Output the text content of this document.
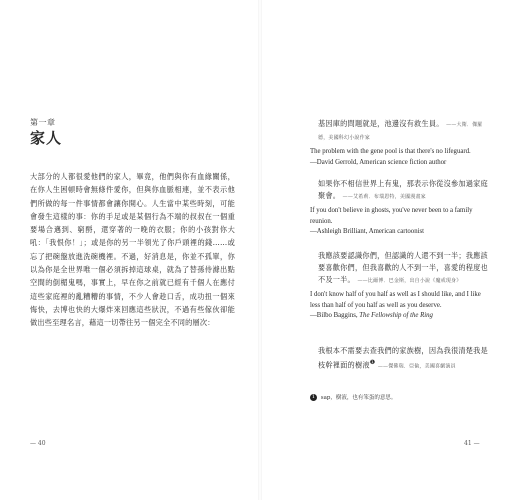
第一章
家人
大部分的人都很愛他們的家人，畢竟，他們與你有血緣關係，在你人生困頓時會無條件愛你，但與你血脈相連，並不表示他們所做的每一件事情都會讓你開心。人生當中某些時刻，可能會發生這樣的事：你的手足或是某個行為不端的叔叔在一個重要場合邁到、窮酹，還穿著的一晚的衣服；你的小孩對你大吼：「我恨你！」；或是你的另一半領光了你戶頭裡的錢……或忘了把碗盤放進洗碗機裡。不過，好消息是，你並不孤單，你以為你是全世界唯一個必須拆掉這球桌，就為了替孫侍滌出點空間的倒楣鬼嗎，事實上，早在你之前就已經有千個人在應付這些家庭裡的亂糟糟的事情，不少人會趁口舌，成功扭一個來悔快，去博也快的大爆炸來回應這些狀況，不過有些傢伙卻能做出些至理名言，藉這一切帶往另一個完全不同的層次：
— 40
基因庫的問題就是，池邊沒有救生員。 ——大衛．傑羅德，美國科幻小說作家
The problem with the gene pool is that there's no lifeguard.
—David Gerrold, American science fiction author
如果你不相信世界上有鬼，那表示你從沒參加過家庭聚會。 ——艾希莉．布瑞恩特，美國漫畫家
If you don't believe in ghosts, you've never been to a family reunion.
—Ashleigh Brilliant, American cartoonist
我應該要認識你們，但認識的人還不到一半；我應該要喜歡你們，但我喜歡的人不到一半，喜愛的程度也不及一半。 ——比爾博．巴金斯，出自小說《魔戒現身》
I don't know half of you half as well as I should like, and I like less than half of you half as well as you deserve.
—Bilbo Baggins, The Fellowship of the Ring
我根本不需要去查我們的家族樹，因為我很清楚我是枝幹裡面的樹液$^❶$ ——傑佛瑞．亞倫，美國喜劇演員
1 sap，樹液，也有笨蛋的意思。
41 —
